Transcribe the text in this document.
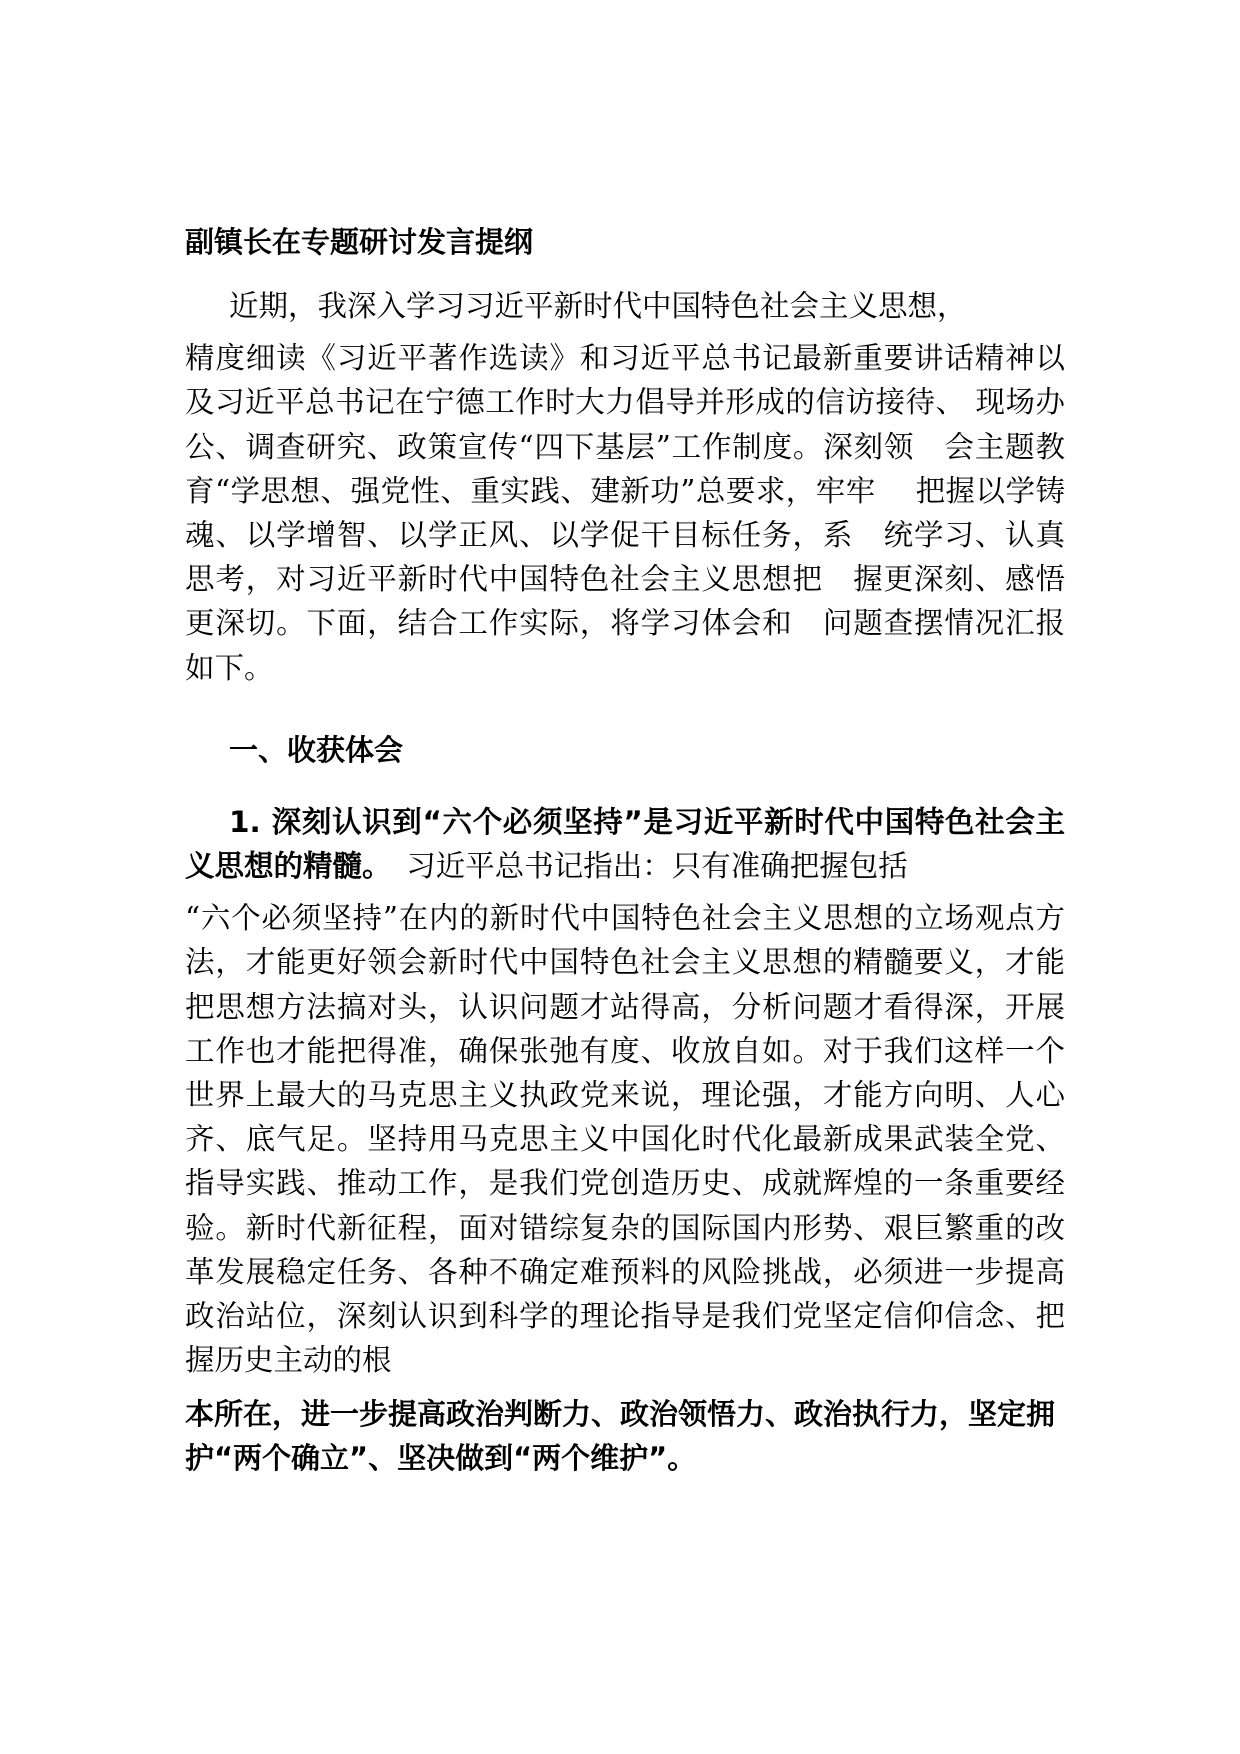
副镇长在专题研讨发言提纲

近期，我深入学习习近平新时代中国特色社会主义思想，
精度细读《习近平著作选读》和习近平总书记最新重要讲话精神以及习近平总书记在宁德工作时大力倡导并形成的信访接待、 现场办公、调查研究、政策宣传“四下基层”工作制度。深刻领　会主题教育“学思想、强党性、重实践、建新功”总要求，牢牢　 把握以学铸魂、以学增智、以学正风、以学促干目标任务，系　统学习、认真思考，对习近平新时代中国特色社会主义思想把　握更深刻、感悟更深切。下面，结合工作实际，将学习体会和　问题查摆情况汇报如下。

一、收获体会
1. 深刻认识到“六个必须坚持”是习近平新时代中国特色社会主义思想的精髓。　习近平总书记指出：只有准确把握包括
“六个必须坚持”在内的新时代中国特色社会主义思想的立场观点方法，才能更好领会新时代中国特色社会主义思想的精髓要义，才能把思想方法搞对头，认识问题才站得高，分析问题才看得深，开展工作也才能把得准，确保张弛有度、收放自如。对于我们这样一个世界上最大的马克思主义执政党来说，理论强，才能方向明、人心齐、底气足。坚持用马克思主义中国化时代化最新成果武装全党、指导实践、推动工作，是我们党创造历史、成就辉煌的一条重要经验。新时代新征程，面对错综复杂的国际国内形势、艰巨繁重的改革发展稳定任务、各种不确定难预料的风险挑战，必须进一步提高政治站位，深刻认识到科学的理论指导是我们党坚定信仰信念、把握历史主动的根

本所在，进一步提高政治判断力、政治领悟力、政治执行力，坚定拥护“两个确立”、坚决做到“两个维护”。
